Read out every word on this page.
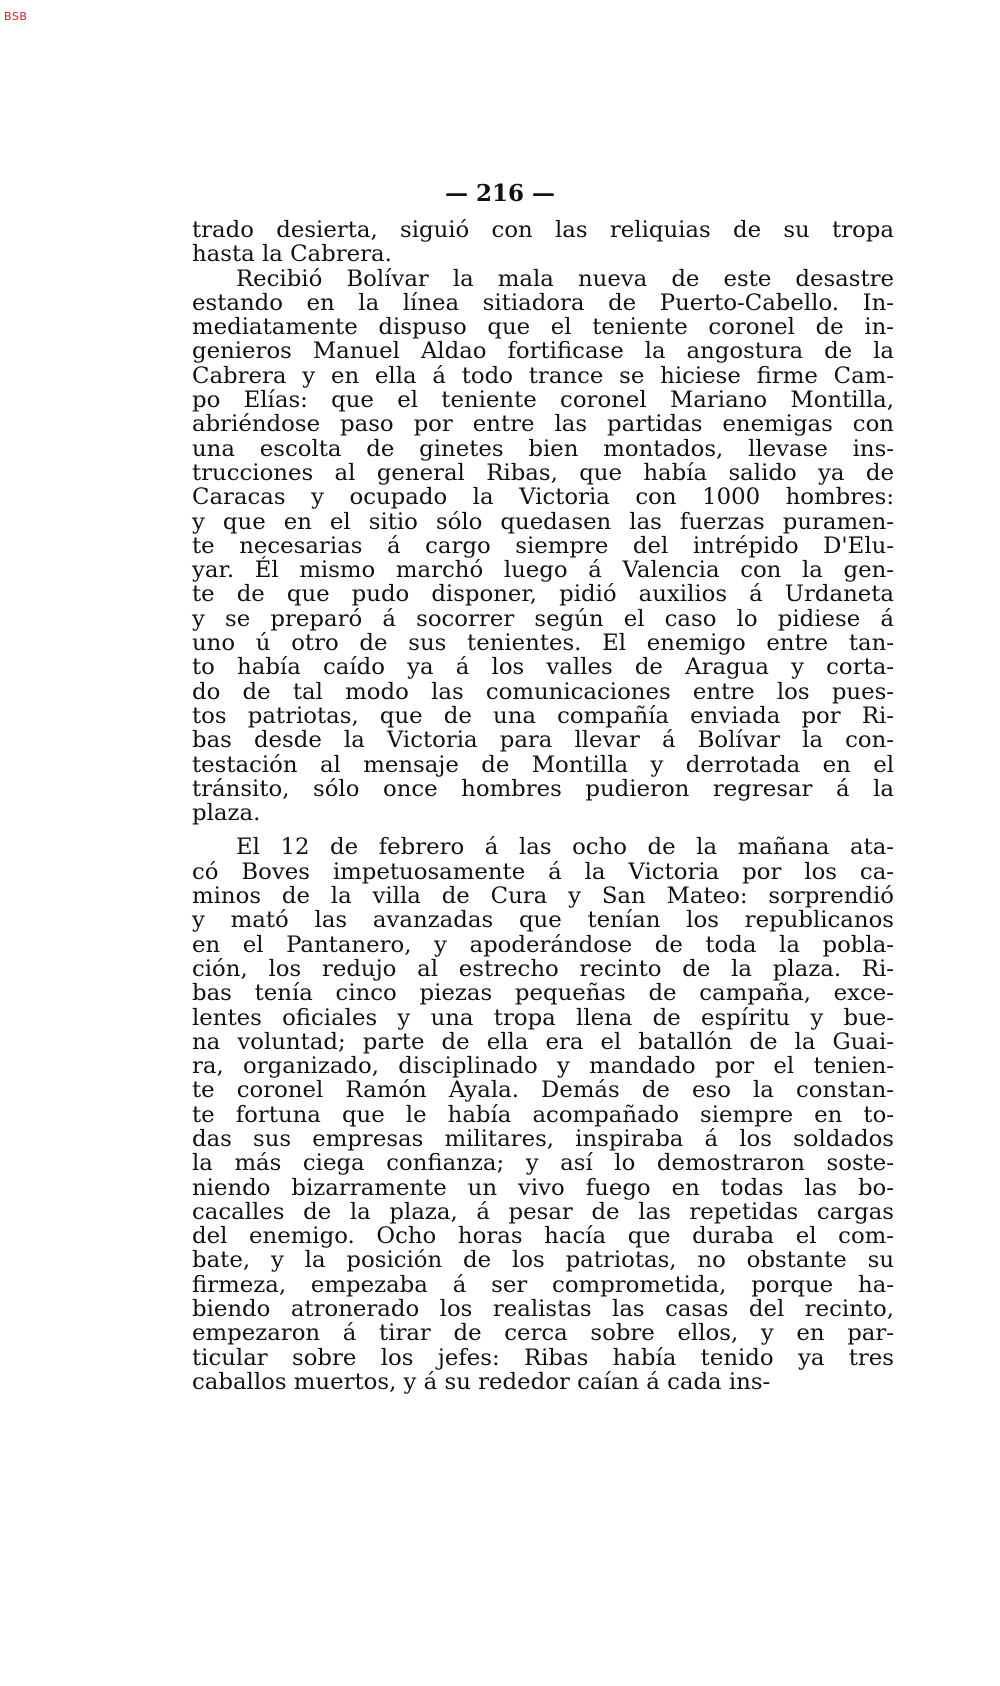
BSB
— 216 —

trado desierta, siguió con las reliquias de su tropa
hasta la Cabrera.

Recibió Bolívar la mala nueva de este desastre
estando en la línea sitiadora de Puerto-Cabello. In-
mediatamente dispuso que el teniente coronel de in-
genieros Manuel Aldao fortificase la angostura de la
Cabrera y en ella á todo trance se hiciese firme Cam-
po Elías: que el teniente coronel Mariano Montilla,
abriéndose paso por entre las partidas enemigas con
una escolta de ginetes bien montados, llevase ins-
trucciones al general Ribas, que había salido ya de
Caracas y ocupado la Victoria con 1000 hombres:
y que en el sitio sólo quedasen las fuerzas puramen-
te necesarias á cargo siempre del intrépido D'Elu-
yar. Él mismo marchó luego á Valencia con la gen-
te de que pudo disponer, pidió auxilios á Urdaneta
y se preparó á socorrer según el caso lo pidiese á
uno ú otro de sus tenientes. El enemigo entre tan-
to había caído ya á los valles de Aragua y corta-
do de tal modo las comunicaciones entre los pues-
tos patriotas, que de una compañía enviada por Ri-
bas desde la Victoria para llevar á Bolívar la con-
testación al mensaje de Montilla y derrotada en el
tránsito, sólo once hombres pudieron regresar á la
plaza.

El 12 de febrero á las ocho de la mañana ata-
có Boves impetuosamente á la Victoria por los ca-
minos de la villa de Cura y San Mateo: sorprendió
y mató las avanzadas que tenían los republicanos
en el Pantanero, y apoderándose de toda la pobla-
ción, los redujo al estrecho recinto de la plaza. Ri-
bas tenía cinco piezas pequeñas de campaña, exce-
lentes oficiales y una tropa llena de espíritu y bue-
na voluntad; parte de ella era el batallón de la Guai-
ra, organizado, disciplinado y mandado por el tenien-
te coronel Ramón Ayala. Demás de eso la constan-
te fortuna que le había acompañado siempre en to-
das sus empresas militares, inspiraba á los soldados
la más ciega confianza; y así lo demostraron soste-
niendo bizarramente un vivo fuego en todas las bo-
cacalles de la plaza, á pesar de las repetidas cargas
del enemigo. Ocho horas hacía que duraba el com-
bate, y la posición de los patriotas, no obstante su
firmeza, empezaba á ser comprometida, porque ha-
biendo atronerado los realistas las casas del recinto,
empezaron á tirar de cerca sobre ellos, y en par-
ticular sobre los jefes: Ribas había tenido ya tres
caballos muertos, y á su rededor caían á cada ins-
